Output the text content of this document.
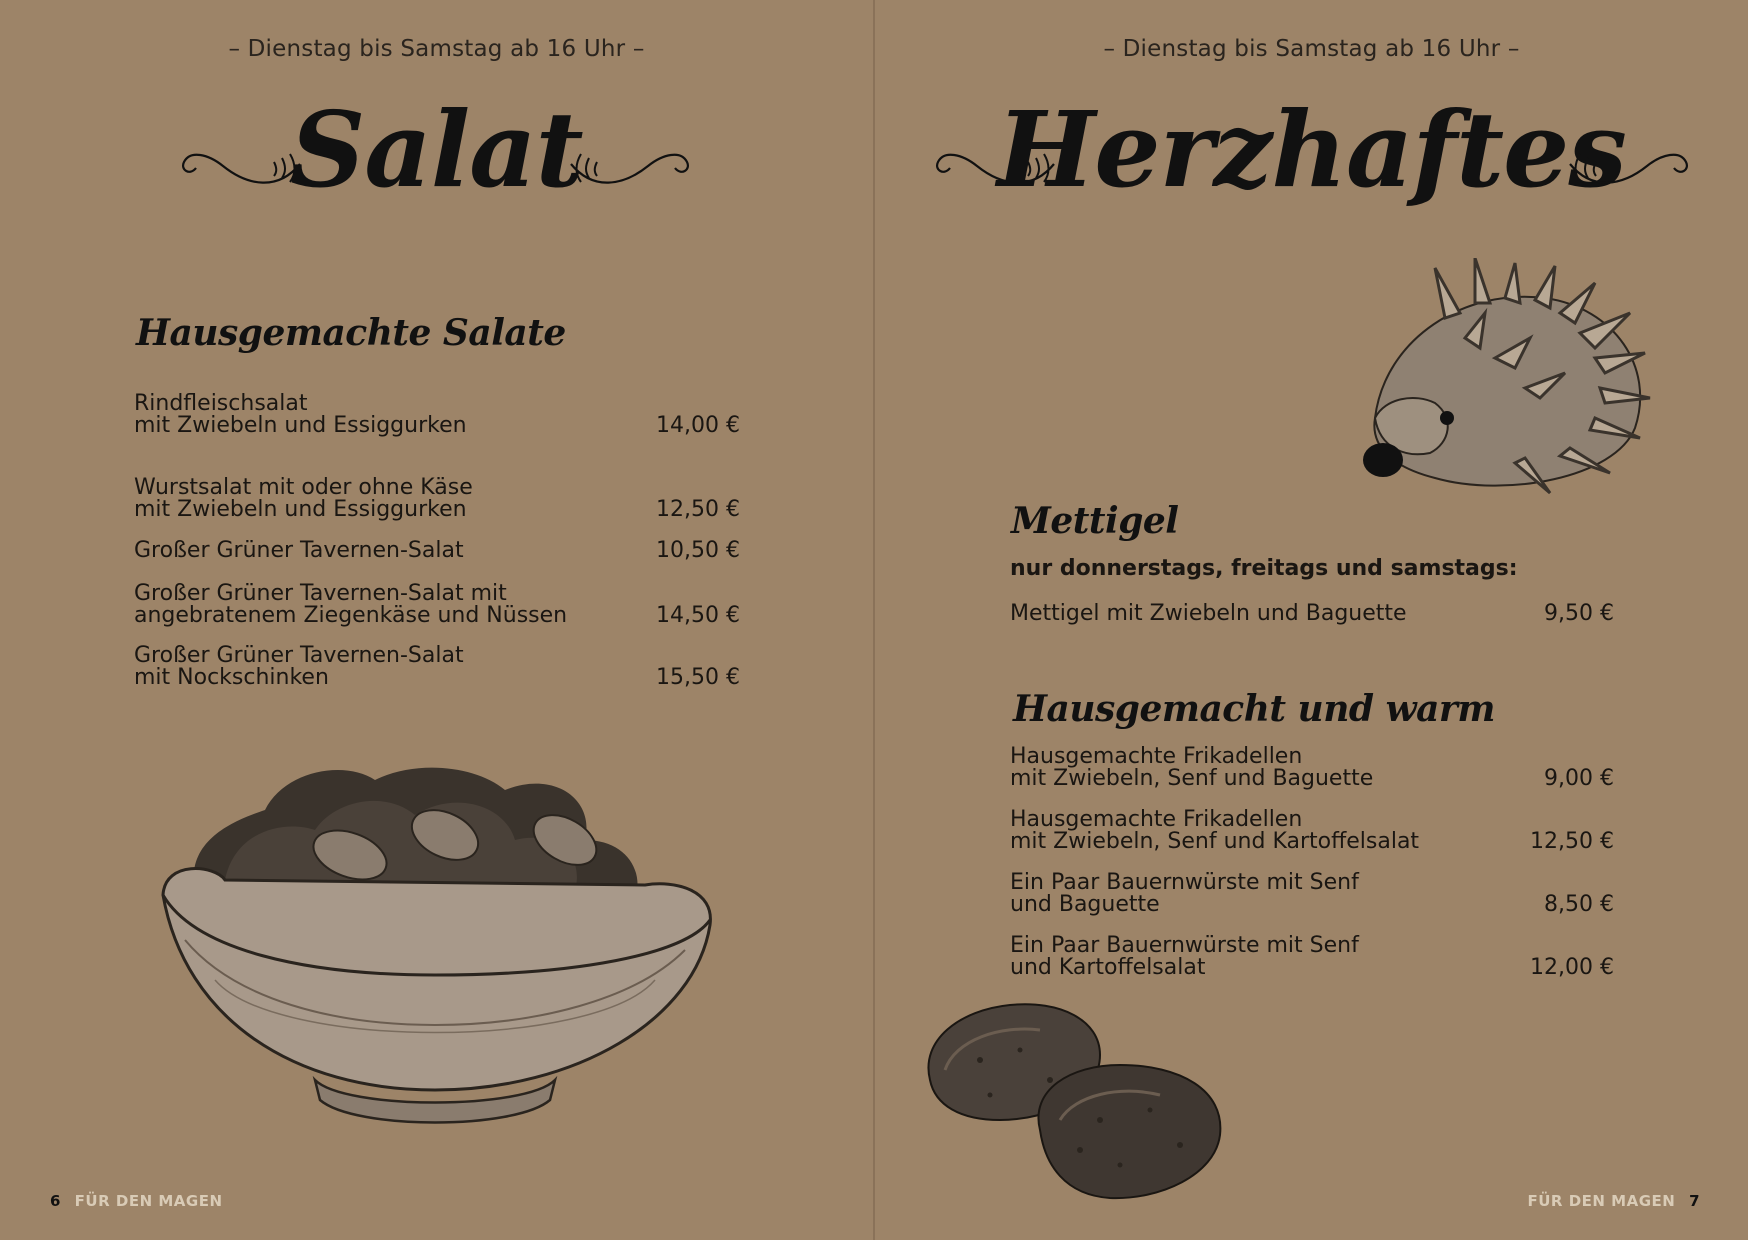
– Dienstag bis Samstag ab 16 Uhr –
Salat
Hausgemachte Salate
Rindfleischsalat
mit Zwiebeln und Essiggurken	14,00 €
Wurstsalat mit oder ohne Käse
mit Zwiebeln und Essiggurken	12,50 €
Großer Grüner Tavernen-Salat	10,50 €
Großer Grüner Tavernen-Salat mit
angebratenem Ziegenkäse und Nüssen	14,50 €
Großer Grüner Tavernen-Salat
mit Nockschinken	15,50 €
6 FÜR DEN MAGEN
– Dienstag bis Samstag ab 16 Uhr –
Herzhaftes
Mettigel
nur donnerstags, freitags und samstags:
Mettigel mit Zwiebeln und Baguette	9,50 €
Hausgemacht und warm
Hausgemachte Frikadellen
mit Zwiebeln, Senf und Baguette	9,00 €
Hausgemachte Frikadellen
mit Zwiebeln, Senf und Kartoffelsalat	12,50 €
Ein Paar Bauernwürste mit Senf
und Baguette	8,50 €
Ein Paar Bauernwürste mit Senf
und Kartoffelsalat	12,00 €
FÜR DEN MAGEN 7
